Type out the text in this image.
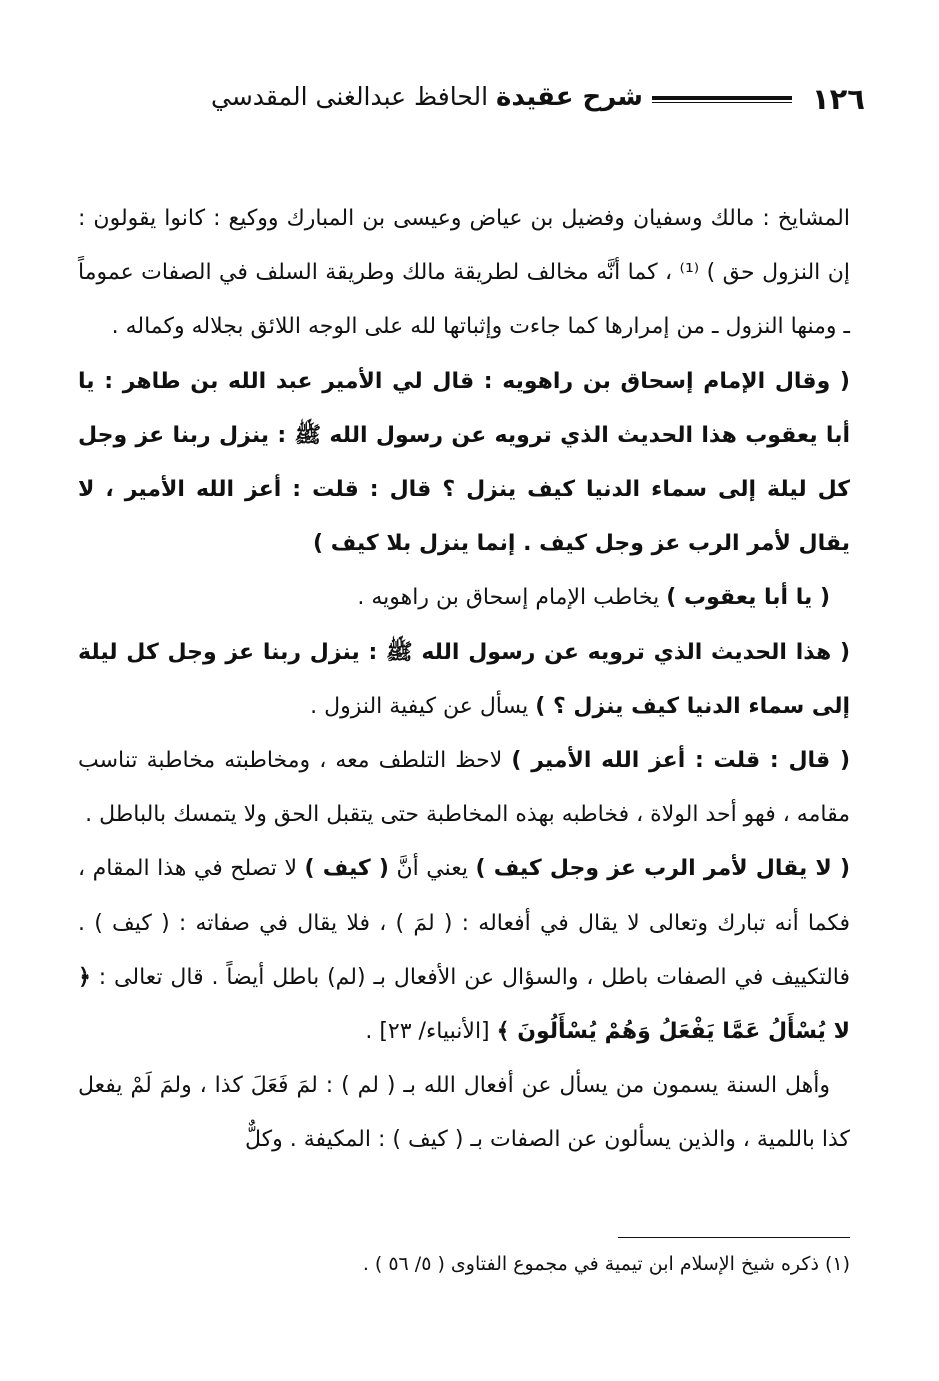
١٢٦
شرح عقيدة الحافظ عبدالغنى المقدسي

المشايخ : مالك وسفيان وفضيل بن عياض وعيسى بن المبارك ووكيع : كانوا يقولون : إن النزول حق ) ⁽¹⁾ ، كما أنَّه مخالف لطريقة مالك وطريقة السلف في الصفات عموماً ـ ومنها النزول ـ من إمرارها كما جاءت وإثباتها لله على الوجه اللائق بجلاله وكماله .

( وقال الإمام إسحاق بن راهويه : قال لي الأمير عبد الله بن طاهر : يا أبا يعقوب هذا الحديث الذي ترويه عن رسول الله ﷺ : ينزل ربنا عز وجل كل ليلة إلى سماء الدنيا كيف ينزل ؟ قال : قلت : أعز الله الأمير ، لا يقال لأمر الرب عز وجل كيف . إنما ينزل بلا كيف )

( يا أبا يعقوب ) يخاطب الإمام إسحاق بن راهويه .

( هذا الحديث الذي ترويه عن رسول الله ﷺ : ينزل ربنا عز وجل كل ليلة إلى سماء الدنيا كيف ينزل ؟ ) يسأل عن كيفية النزول .

( قال : قلت : أعز الله الأمير ) لاحظ التلطف معه ، ومخاطبته مخاطبة تناسب مقامه ، فهو أحد الولاة ، فخاطبه بهذه المخاطبة حتى يتقبل الحق ولا يتمسك بالباطل .

( لا يقال لأمر الرب عز وجل كيف ) يعني أنَّ ( كيف ) لا تصلح في هذا المقام ، فكما أنه تبارك وتعالى لا يقال في أفعاله : ( لمَ ) ، فلا يقال في صفاته : ( كيف ) . فالتكييف في الصفات باطل ، والسؤال عن الأفعال بـ (لم) باطل أيضاً . قال تعالى : ﴿ لا يُسْأَلُ عَمَّا يَفْعَلُ وَهُمْ يُسْأَلُونَ ﴾ [الأنبياء/ ٢٣] .

وأهل السنة يسمون من يسأل عن أفعال الله بـ ( لم ) : لمَ فَعَلَ كذا ، ولمَ لَمْ يفعل كذا باللمية ، والذين يسألون عن الصفات بـ ( كيف ) : المكيفة . وكلٌّ

(١) ذكره شيخ الإسلام ابن تيمية في مجموع الفتاوى ( ٥/ ٥٦ ) .
